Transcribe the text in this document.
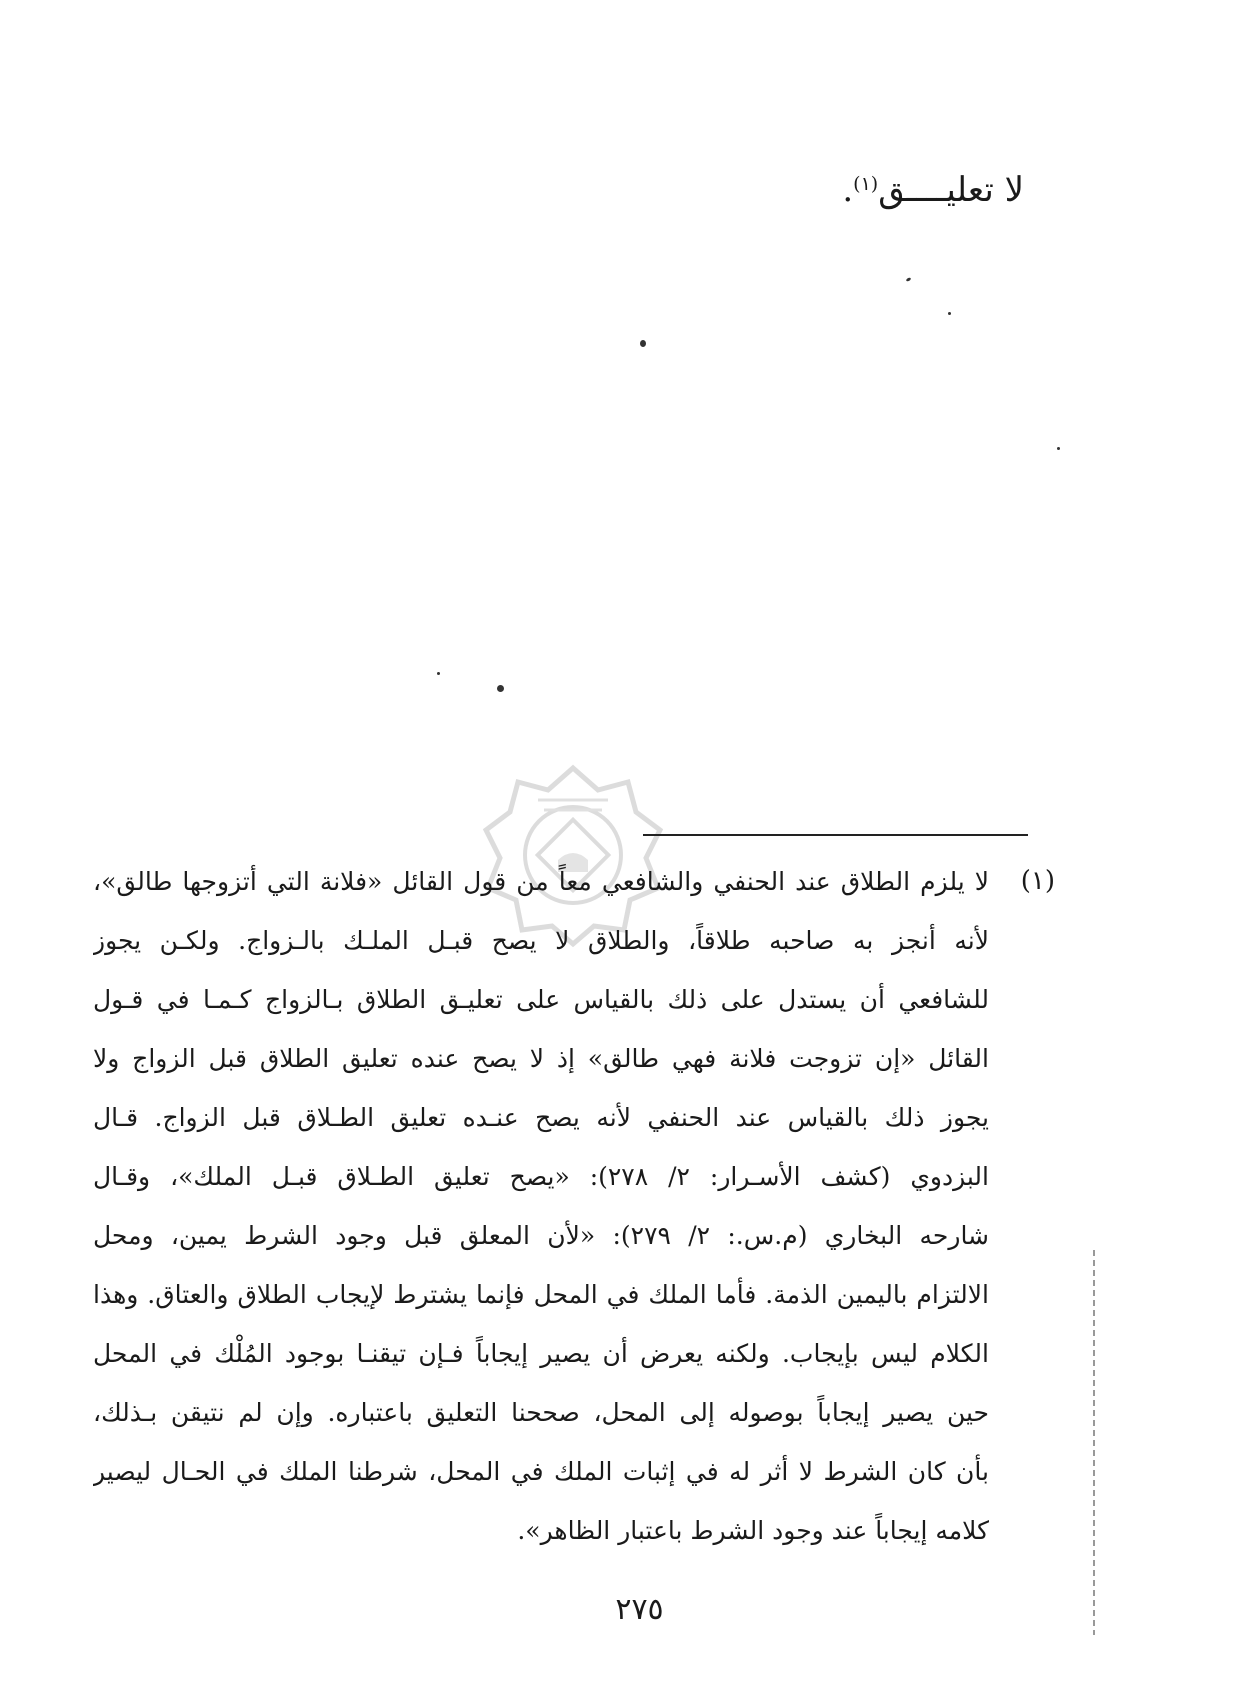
لا تعليــــق$^{(١)}$.
(١)
لا يلزم الطلاق عند الحنفي والشافعي معاً من قول القائل «فلانة التي أتزوجها طالق»،
لأنه أنجز به صاحبه طلاقاً، والطلاق لا يصح قبـل الملـك بالـزواج. ولكـن يجوز
للشافعي أن يستدل على ذلك بالقياس على تعليـق الطلاق بـالزواج كـمـا في قـول
القائل «إن تزوجت فلانة فهي طالق» إذ لا يصح عنده تعليق الطلاق قبل الزواج ولا
يجوز ذلك بالقياس عند الحنفي لأنه يصح عنـده تعليق الطـلاق قبل الزواج. قـال
البزدوي (كشف الأسـرار: ٢/ ٢٧٨): «يصح تعليق الطـلاق قبـل الملك»، وقـال
شارحه البخاري (م.س.: ٢/ ٢٧٩): «لأن المعلق قبل وجود الشرط يمين، ومحل
الالتزام باليمين الذمة. فأما الملك في المحل فإنما يشترط لإيجاب الطلاق والعتاق. وهذا
الكلام ليس بإيجاب. ولكنه يعرض أن يصير إيجاباً فـإن تيقنـا بوجود المُلْك في المحل
حين يصير إيجاباً بوصوله إلى المحل، صححنا التعليق باعتباره. وإن لم نتيقن بـذلك،
بأن كان الشرط لا أثر له في إثبات الملك في المحل، شرطنا الملك في الحـال ليصير
كلامه إيجاباً عند وجود الشرط باعتبار الظاهر».
٢٧٥
